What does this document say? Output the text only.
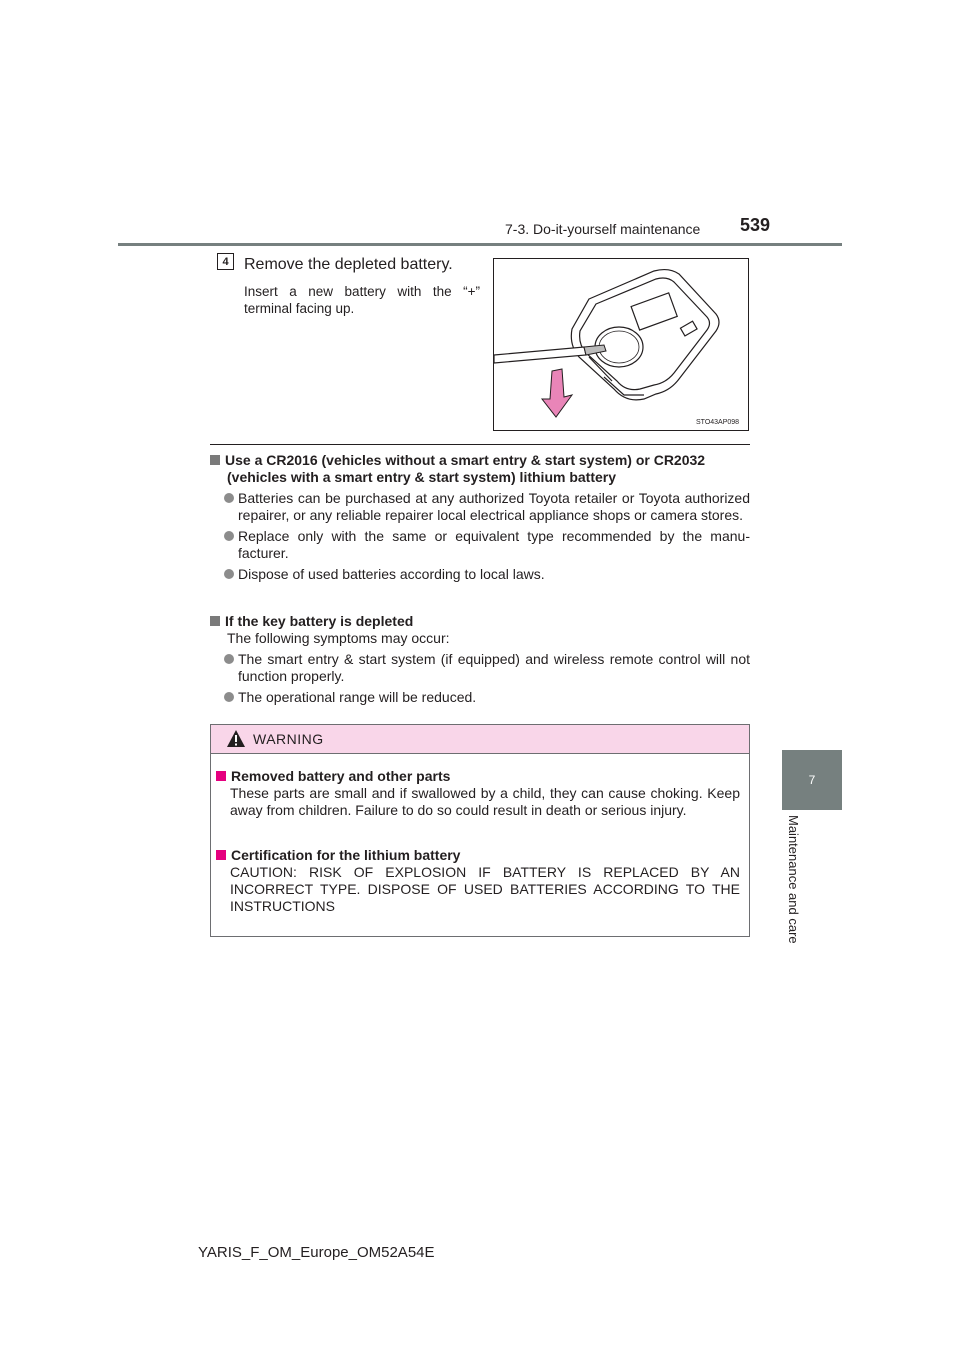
7-3. Do-it-yourself maintenance 539
7
Maintenance and care
4 Remove the depleted battery.
Insert a new battery with the “+” terminal facing up.
STO43AP098
Use a CR2016 (vehicles without a smart entry & start system) or CR2032 (vehicles with a smart entry & start system) lithium battery
Batteries can be purchased at any authorized Toyota retailer or Toyota authorized repairer, or any reliable repairer local electrical appliance shops or camera stores.
Replace only with the same or equivalent type recommended by the manu-facturer.
Dispose of used batteries according to local laws.
If the key battery is depleted
The following symptoms may occur:
The smart entry & start system (if equipped) and wireless remote control will not function properly.
The operational range will be reduced.
WARNING
Removed battery and other parts
These parts are small and if swallowed by a child, they can cause choking. Keep away from children. Failure to do so could result in death or serious injury.
Certification for the lithium battery
CAUTION: RISK OF EXPLOSION IF BATTERY IS REPLACED BY AN INCORRECT TYPE. DISPOSE OF USED BATTERIES ACCORDING TO THE INSTRUCTIONS
YARIS_F_OM_Europe_OM52A54E
